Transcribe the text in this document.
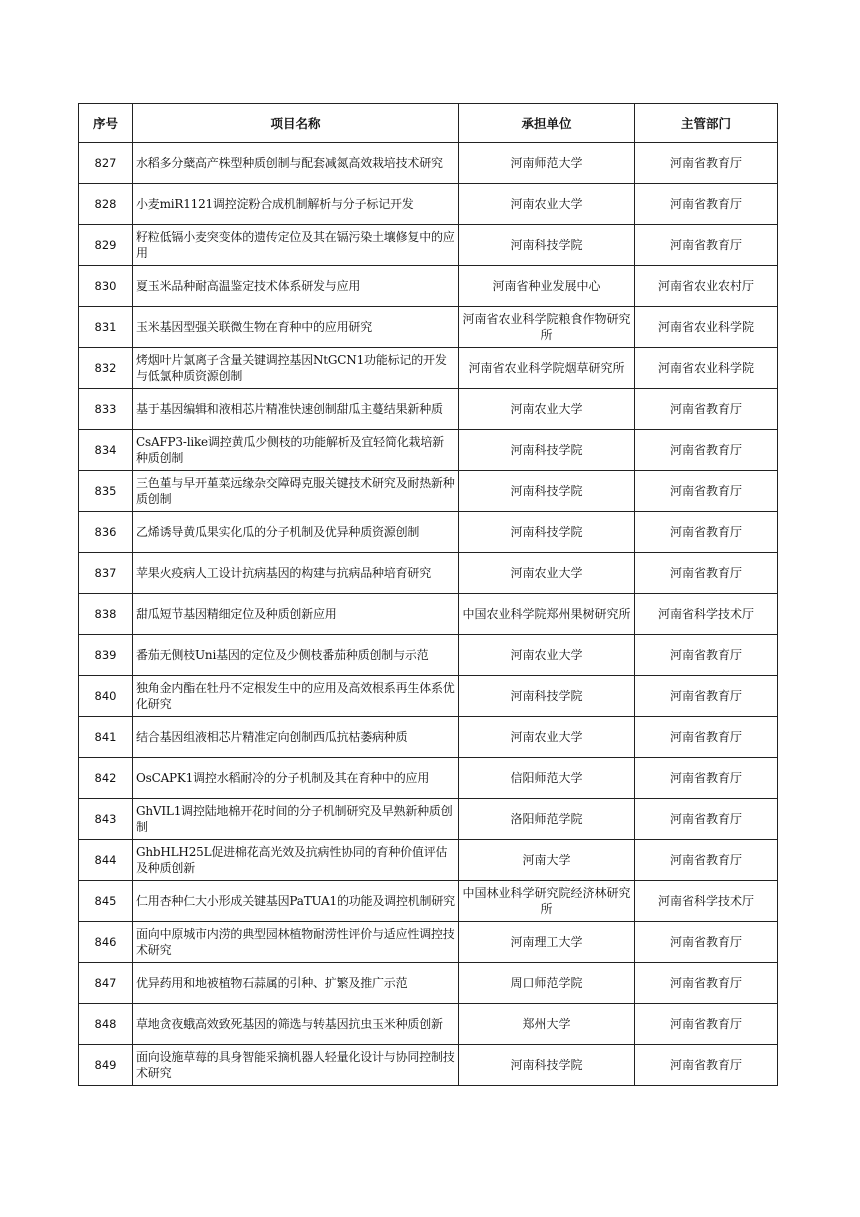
序号	项目名称	承担单位	主管部门
827	水稻多分蘖高产株型种质创制与配套减氮高效栽培技术研究	河南师范大学	河南省教育厅
828	小麦miR1121调控淀粉合成机制解析与分子标记开发	河南农业大学	河南省教育厅
829	籽粒低镉小麦突变体的遗传定位及其在镉污染土壤修复中的应用	河南科技学院	河南省教育厅
830	夏玉米品种耐高温鉴定技术体系研发与应用	河南省种业发展中心	河南省农业农村厅
831	玉米基因型强关联微生物在育种中的应用研究	河南省农业科学院粮食作物研究所	河南省农业科学院
832	烤烟叶片氯离子含量关键调控基因NtGCN1功能标记的开发与低氯种质资源创制	河南省农业科学院烟草研究所	河南省农业科学院
833	基于基因编辑和液相芯片精准快速创制甜瓜主蔓结果新种质	河南农业大学	河南省教育厅
834	CsAFP3-like调控黄瓜少侧枝的功能解析及宜轻简化栽培新种质创制	河南科技学院	河南省教育厅
835	三色堇与早开堇菜远缘杂交障碍克服关键技术研究及耐热新种质创制	河南科技学院	河南省教育厅
836	乙烯诱导黄瓜果实化瓜的分子机制及优异种质资源创制	河南科技学院	河南省教育厅
837	苹果火疫病人工设计抗病基因的构建与抗病品种培育研究	河南农业大学	河南省教育厅
838	甜瓜短节基因精细定位及种质创新应用	中国农业科学院郑州果树研究所	河南省科学技术厅
839	番茄无侧枝Uni基因的定位及少侧枝番茄种质创制与示范	河南农业大学	河南省教育厅
840	独角金内酯在牡丹不定根发生中的应用及高效根系再生体系优化研究	河南科技学院	河南省教育厅
841	结合基因组液相芯片精准定向创制西瓜抗枯萎病种质	河南农业大学	河南省教育厅
842	OsCAPK1调控水稻耐冷的分子机制及其在育种中的应用	信阳师范大学	河南省教育厅
843	GhVIL1调控陆地棉开花时间的分子机制研究及早熟新种质创制	洛阳师范学院	河南省教育厅
844	GhbHLH25L促进棉花高光效及抗病性协同的育种价值评估及种质创新	河南大学	河南省教育厅
845	仁用杏种仁大小形成关键基因PaTUA1的功能及调控机制研究	中国林业科学研究院经济林研究所	河南省科学技术厅
846	面向中原城市内涝的典型园林植物耐涝性评价与适应性调控技术研究	河南理工大学	河南省教育厅
847	优异药用和地被植物石蒜属的引种、扩繁及推广示范	周口师范学院	河南省教育厅
848	草地贪夜蛾高效致死基因的筛选与转基因抗虫玉米种质创新	郑州大学	河南省教育厅
849	面向设施草莓的具身智能采摘机器人轻量化设计与协同控制技术研究	河南科技学院	河南省教育厅
